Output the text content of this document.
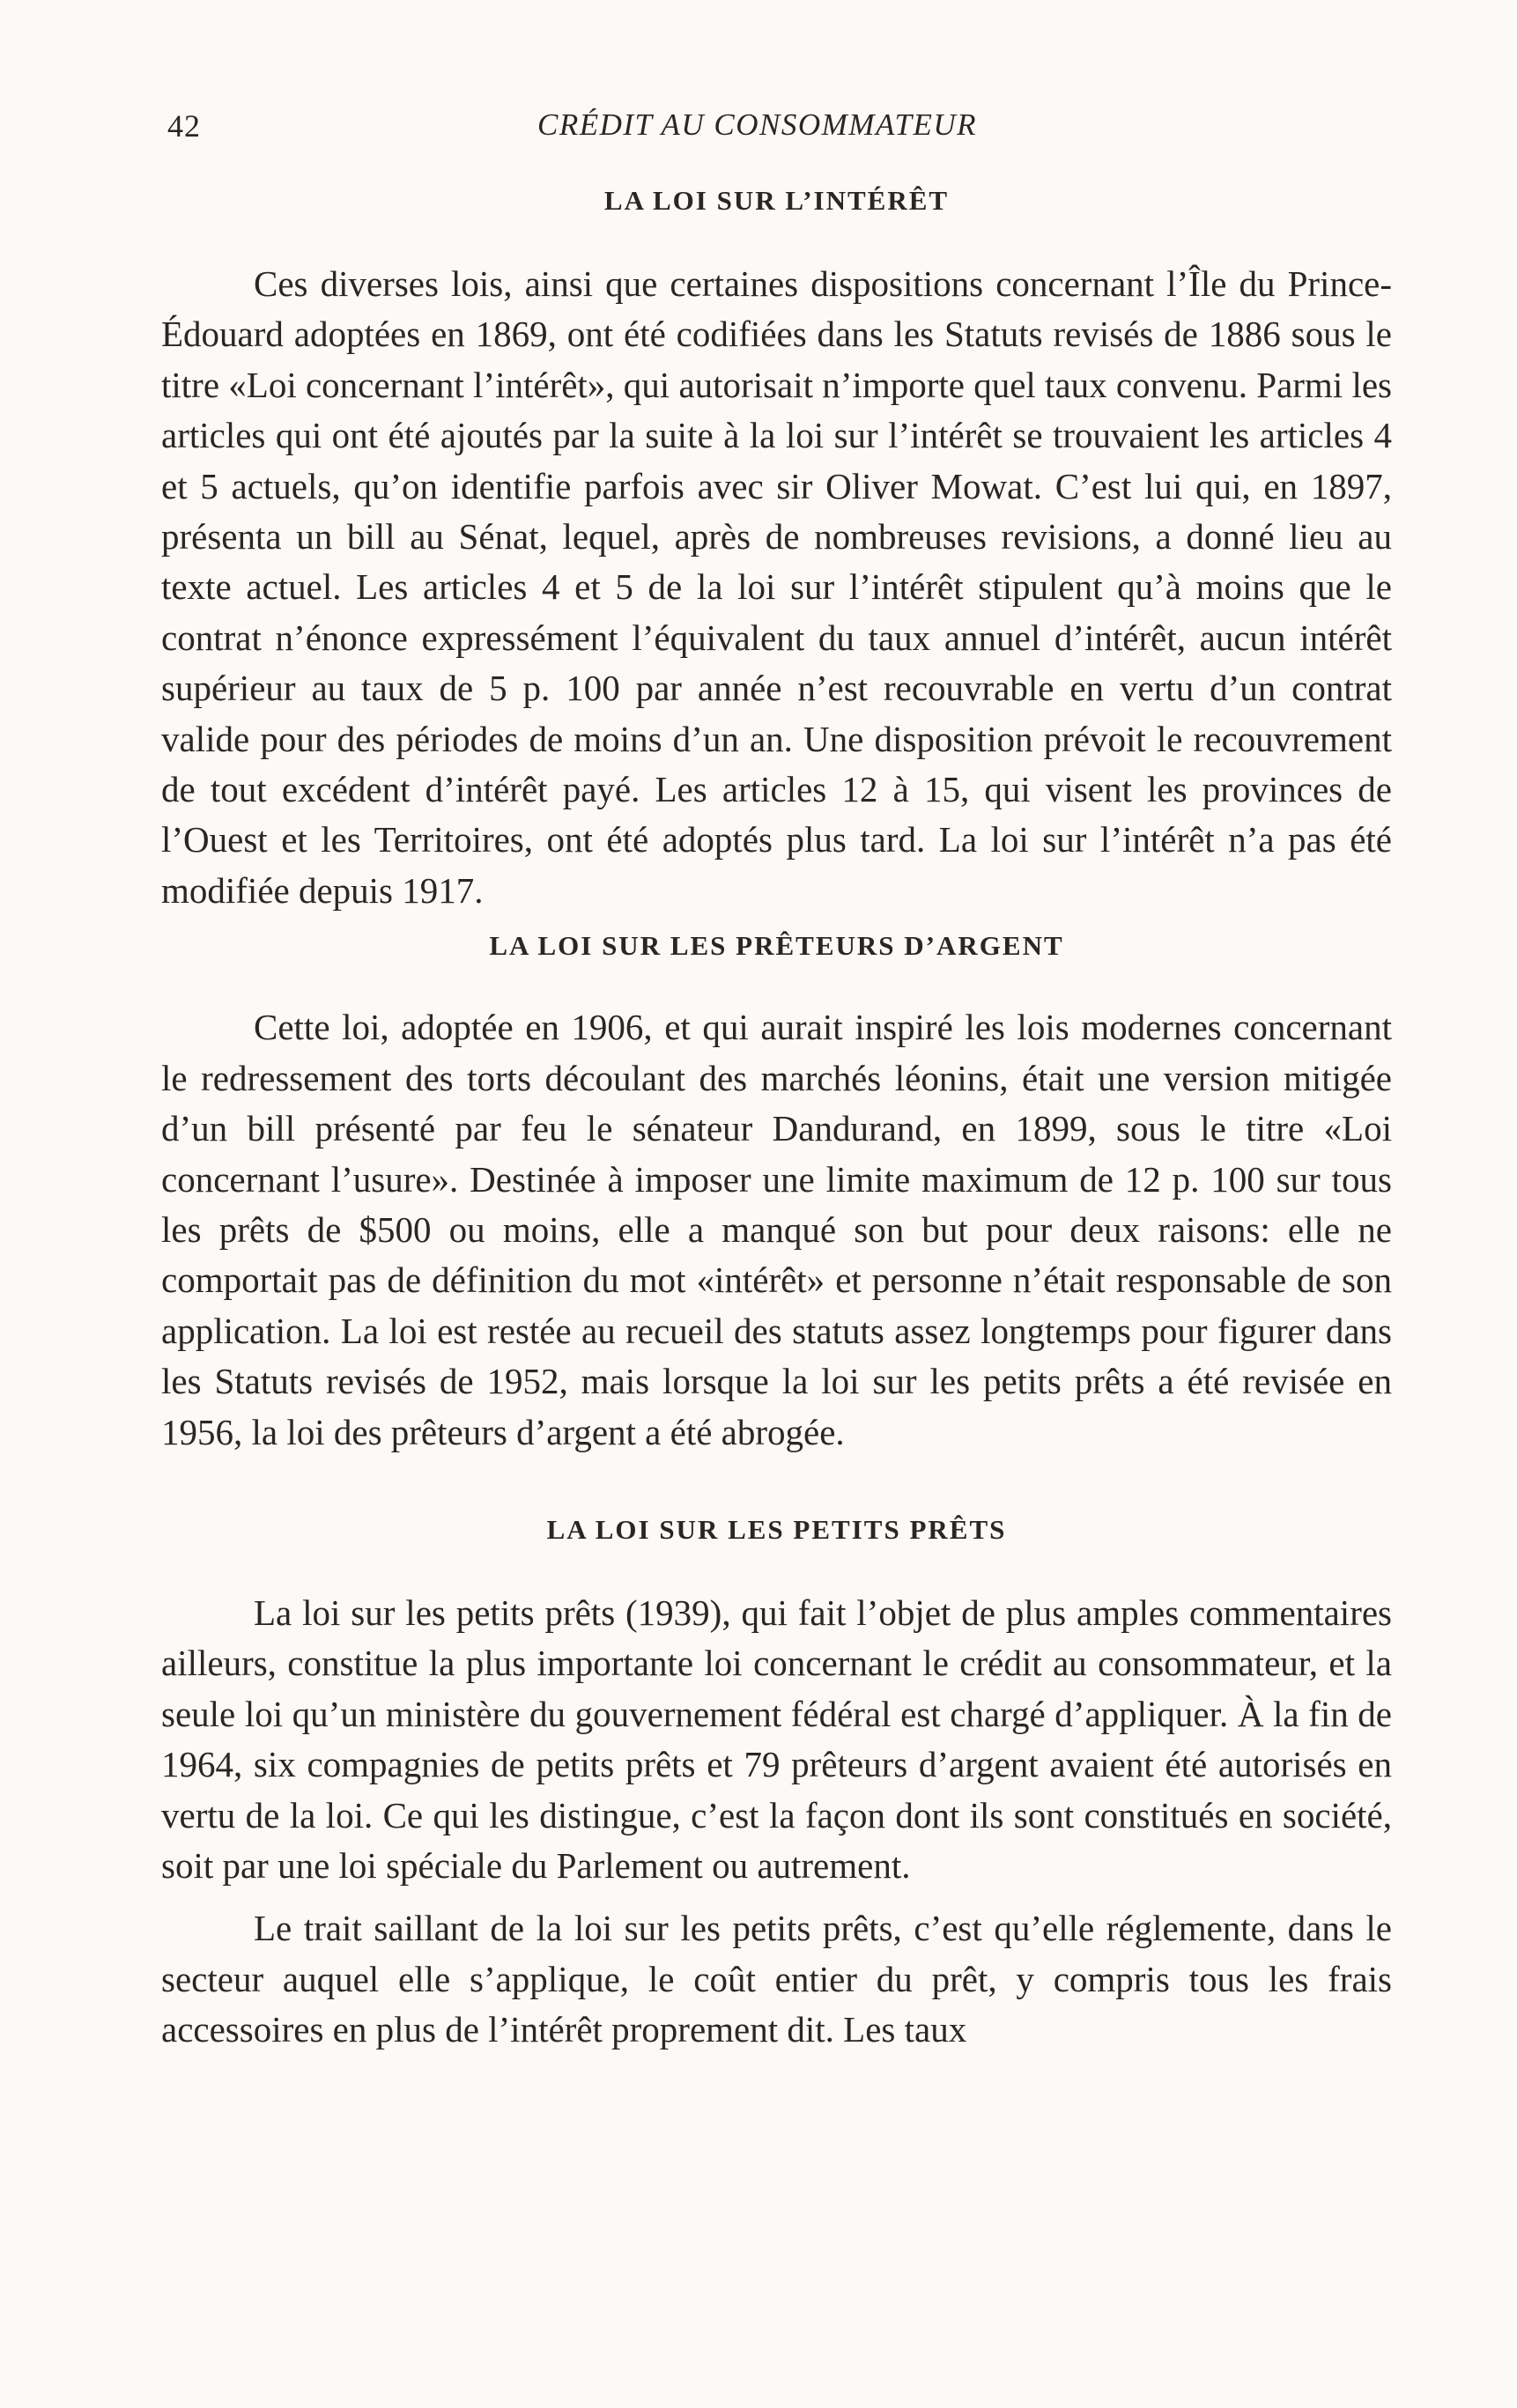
42	CRÉDIT AU CONSOMMATEUR
LA LOI SUR L’INTÉRÊT

Ces diverses lois, ainsi que certaines dispositions concernant l’Île du Prince-Édouard adoptées en 1869, ont été codifiées dans les Statuts revisés de 1886 sous le titre «Loi concernant l’intérêt», qui autorisait n’importe quel taux convenu. Parmi les articles qui ont été ajoutés par la suite à la loi sur l’intérêt se trouvaient les articles 4 et 5 actuels, qu’on identifie parfois avec sir Oliver Mowat. C’est lui qui, en 1897, présenta un bill au Sénat, lequel, après de nombreuses revisions, a donné lieu au texte actuel. Les articles 4 et 5 de la loi sur l’intérêt stipulent qu’à moins que le contrat n’énonce expressément l’équivalent du taux annuel d’intérêt, aucun intérêt supérieur au taux de 5 p. 100 par année n’est recouvrable en vertu d’un contrat valide pour des périodes de moins d’un an. Une disposition prévoit le recouvrement de tout excédent d’intérêt payé. Les articles 12 à 15, qui visent les provinces de l’Ouest et les Territoires, ont été adoptés plus tard. La loi sur l’intérêt n’a pas été modifiée depuis 1917.

LA LOI SUR LES PRÊTEURS D’ARGENT

Cette loi, adoptée en 1906, et qui aurait inspiré les lois modernes concernant le redressement des torts découlant des marchés léonins, était une version mitigée d’un bill présenté par feu le sénateur Dandurand, en 1899, sous le titre «Loi concernant l’usure». Destinée à imposer une limite maximum de 12 p. 100 sur tous les prêts de $500 ou moins, elle a manqué son but pour deux raisons: elle ne comportait pas de définition du mot «intérêt» et personne n’était responsable de son application. La loi est restée au recueil des statuts assez longtemps pour figurer dans les Statuts revisés de 1952, mais lorsque la loi sur les petits prêts a été revisée en 1956, la loi des prêteurs d’argent a été abrogée.

LA LOI SUR LES PETITS PRÊTS

La loi sur les petits prêts (1939), qui fait l’objet de plus amples commentaires ailleurs, constitue la plus importante loi concernant le crédit au consommateur, et la seule loi qu’un ministère du gouvernement fédéral est chargé d’appliquer. À la fin de 1964, six compagnies de petits prêts et 79 prêteurs d’argent avaient été autorisés en vertu de la loi. Ce qui les distingue, c’est la façon dont ils sont constitués en société, soit par une loi spéciale du Parlement ou autrement.

Le trait saillant de la loi sur les petits prêts, c’est qu’elle réglemente, dans le secteur auquel elle s’applique, le coût entier du prêt, y compris tous les frais accessoires en plus de l’intérêt proprement dit. Les taux
